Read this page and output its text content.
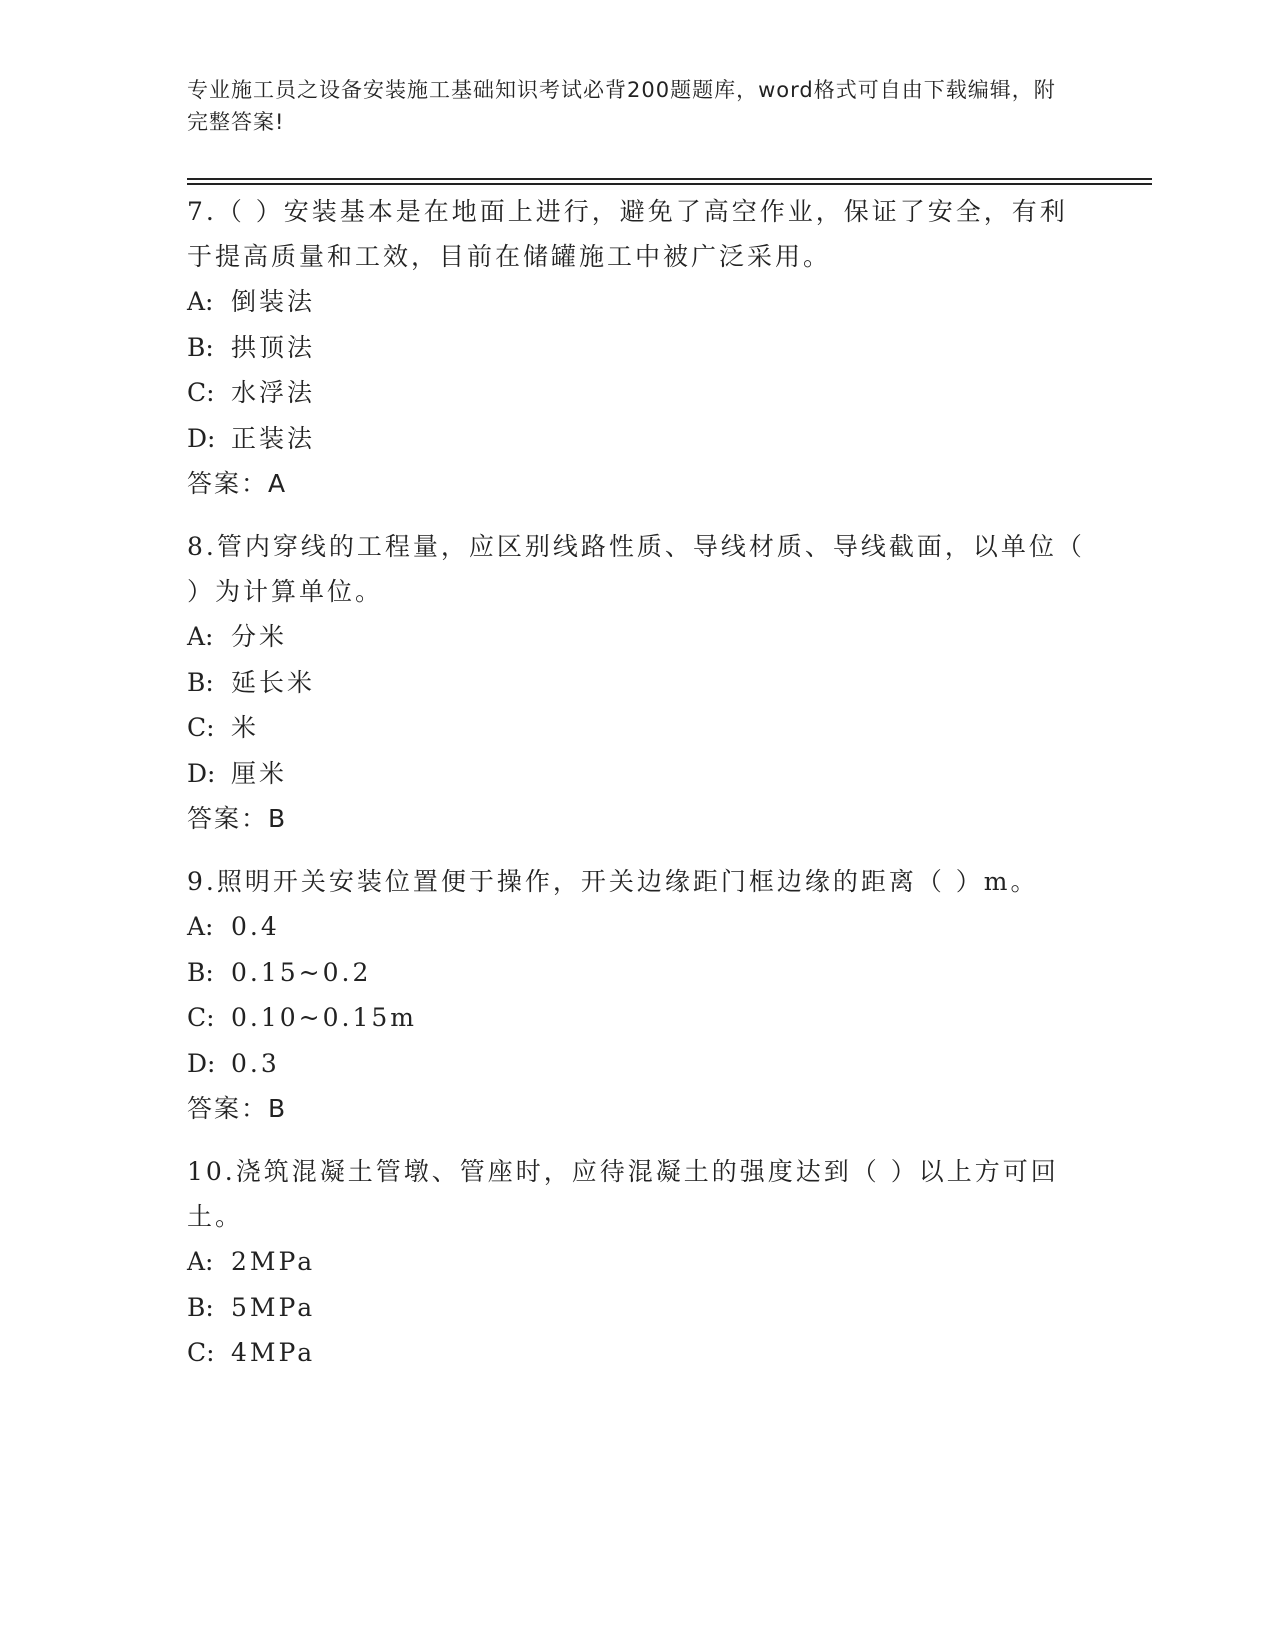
专业施工员之设备安装施工基础知识考试必背200题题库，word格式可自由下载编辑，附完整答案!
7.（ ）安装基本是在地面上进行，避免了高空作业，保证了安全，有利于提高质量和工效，目前在储罐施工中被广泛采用。
A: 倒装法
B: 拱顶法
C: 水浮法
D: 正装法
答案：A
8.管内穿线的工程量，应区别线路性质、导线材质、导线截面，以单位（ ）为计算单位。
A: 分米
B: 延长米
C: 米
D: 厘米
答案：B
9.照明开关安装位置便于操作，开关边缘距门框边缘的距离（ ）m。
A: 0.4
B: 0.15~0.2
C: 0.10~0.15m
D: 0.3
答案：B
10.浇筑混凝土管墩、管座时，应待混凝土的强度达到（ ）以上方可回土。
A: 2MPa
B: 5MPa
C: 4MPa
